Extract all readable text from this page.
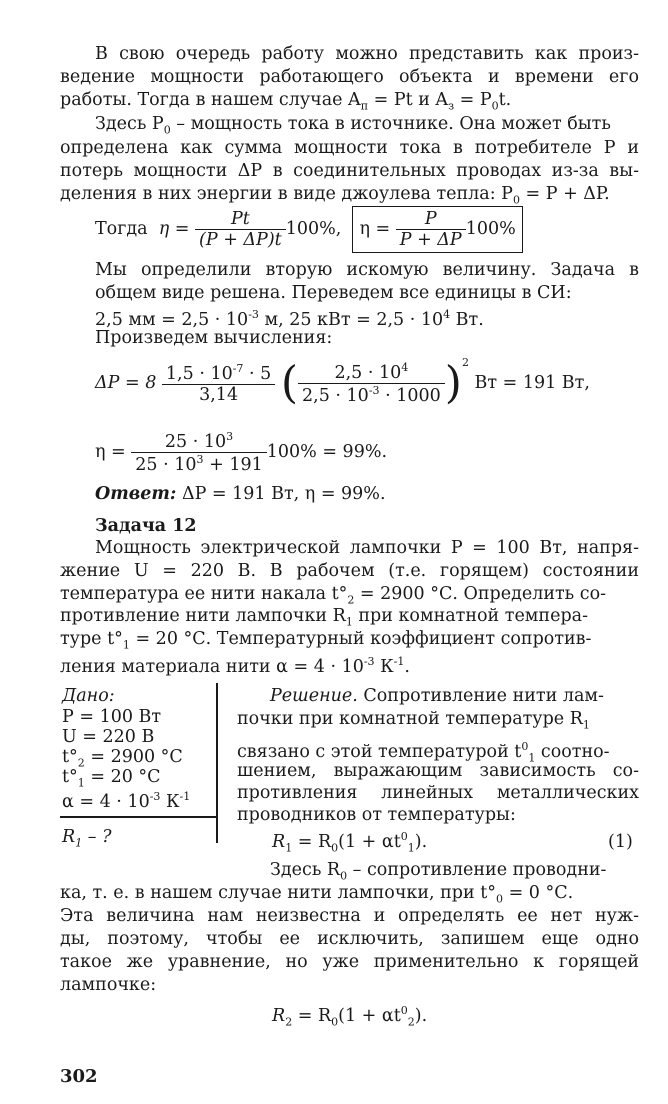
В свою очередь работу можно представить как произ-
ведение мощности работающего объекта и времени его
работы. Тогда в нашем случае $A_п = Pt$ и $A_з = P_0t$.
Здесь $P_0$ – мощность тока в источнике. Она может быть
определена как сумма мощности тока в потребителе P и
потерь мощности ΔP в соединительных проводах из-за вы-
деления в них энергии в виде джоулева тепла: $P_0 = P + \Delta P$.
Тогда $\eta = \frac{Pt}{(P + \Delta P)t} 100\%$, $\eta = \frac{P}{P + \Delta P} 100\%$
Мы определили вторую искомую величину. Задача в
общем виде решена. Переведем все единицы в СИ:
2,5 мм = $2,5 \cdot 10^{-3}$ м, 25 кВт = $2,5 \cdot 10^4$ Вт.
Произведем вычисления:
$\Delta P = 8 \frac{1,5 \cdot 10^{-7} \cdot 5}{3,14}$ ( $\frac{2,5 \cdot 10^4}{2,5 \cdot 10^{-3} \cdot 1000} )^2$ Вт = 191 Вт,
$\eta = \frac{25 \cdot 10^3}{25 \cdot 10^3 + 191} 100\% = 99\%$.
Ответ: ΔP = 191 Вт, η = 99%.
Задача 12
Мощность электрической лампочки P = 100 Вт, напря-
жение U = 220 В. В рабочем (т.е. горящем) состоянии
температура ее нити накала $t^\circ_2 = 2900$ °С. Определить со-
противление нити лампочки $R_1$ при комнатной темпера-
туре $t^\circ_1 = 20$ °С. Температурный коэффициент сопротив-
ления материала нити $\alpha = 4 \cdot 10^{-3}$ $К^{-1}$.
Дано:
P = 100 Вт
U = 220 В
$t^\circ_2 = 2900$ °С
$t^\circ_1 = 20$ °С
$\alpha = 4 \cdot 10^{-3}$ $К^{-1}$
$R_1$ – ?
Решение. Сопротивление нити лам-
почки при комнатной температуре $R_1$
связано с этой температурой $t^0_1$ соотно-
шением, выражающим зависимость со-
противления линейных металлических
проводников от температуры:
$R_1 = R_0(1 + \alpha t^0_1)$.	(1)
Здесь $R_0$ – сопротивление проводни-
ка, т. е. в нашем случае нити лампочки, при $t^\circ_0 = 0$ °С.
Эта величина нам неизвестна и определять ее нет нуж-
ды, поэтому, чтобы ее исключить, запишем еще одно
такое же уравнение, но уже применительно к горящей
лампочке:
$R_2 = R_0(1 + \alpha t^0_2)$.
302
